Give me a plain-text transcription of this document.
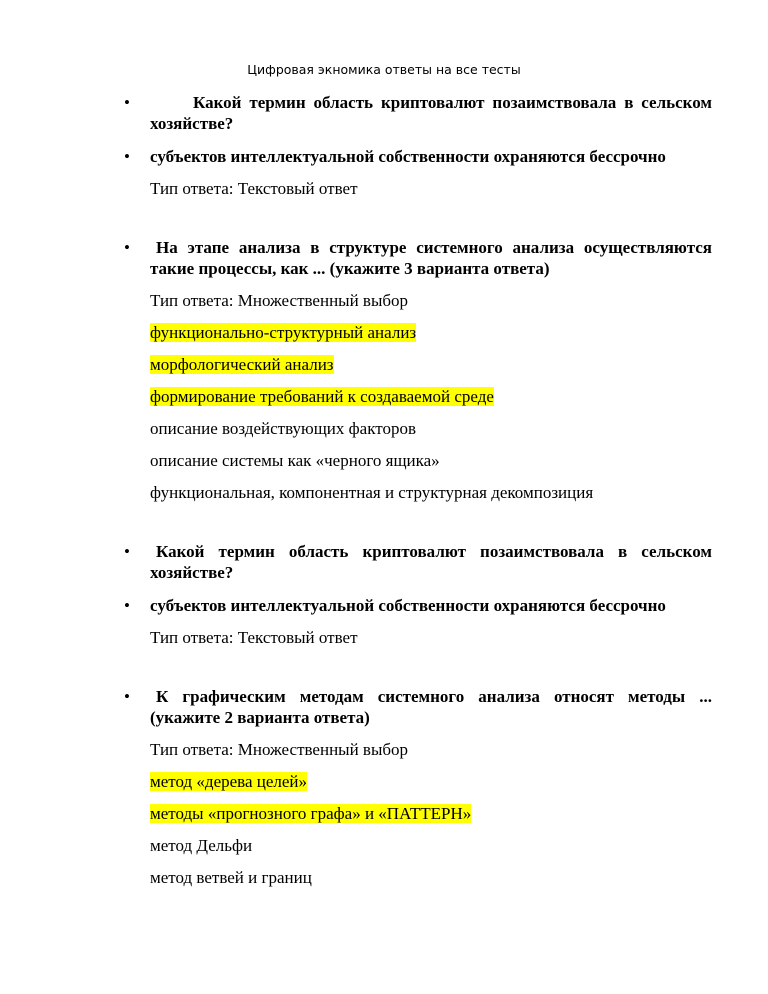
Цифровая экномика ответы на все тесты
•	Какой термин область криптовалют позаимствовала в сельском хозяйстве?
• субъектов интеллектуальной собственности охраняются бессрочно
Тип ответа: Текстовый ответ
• На этапе анализа в структуре системного анализа осуществляются такие процессы, как ... (укажите 3 варианта ответа)
Тип ответа: Множественный выбор
функционально-структурный анализ
морфологический анализ
формирование требований к создаваемой среде
описание воздействующих факторов
описание системы как «черного ящика»
функциональная, компонентная и структурная декомпозиция
• Какой термин область криптовалют позаимствовала в сельском хозяйстве?
• субъектов интеллектуальной собственности охраняются бессрочно
Тип ответа: Текстовый ответ
• К графическим методам системного анализа относят методы ... (укажите 2 варианта ответа)
Тип ответа: Множественный выбор
метод «дерева целей»
методы «прогнозного графа» и «ПАТТЕРН»
метод Дельфи
метод ветвей и границ
